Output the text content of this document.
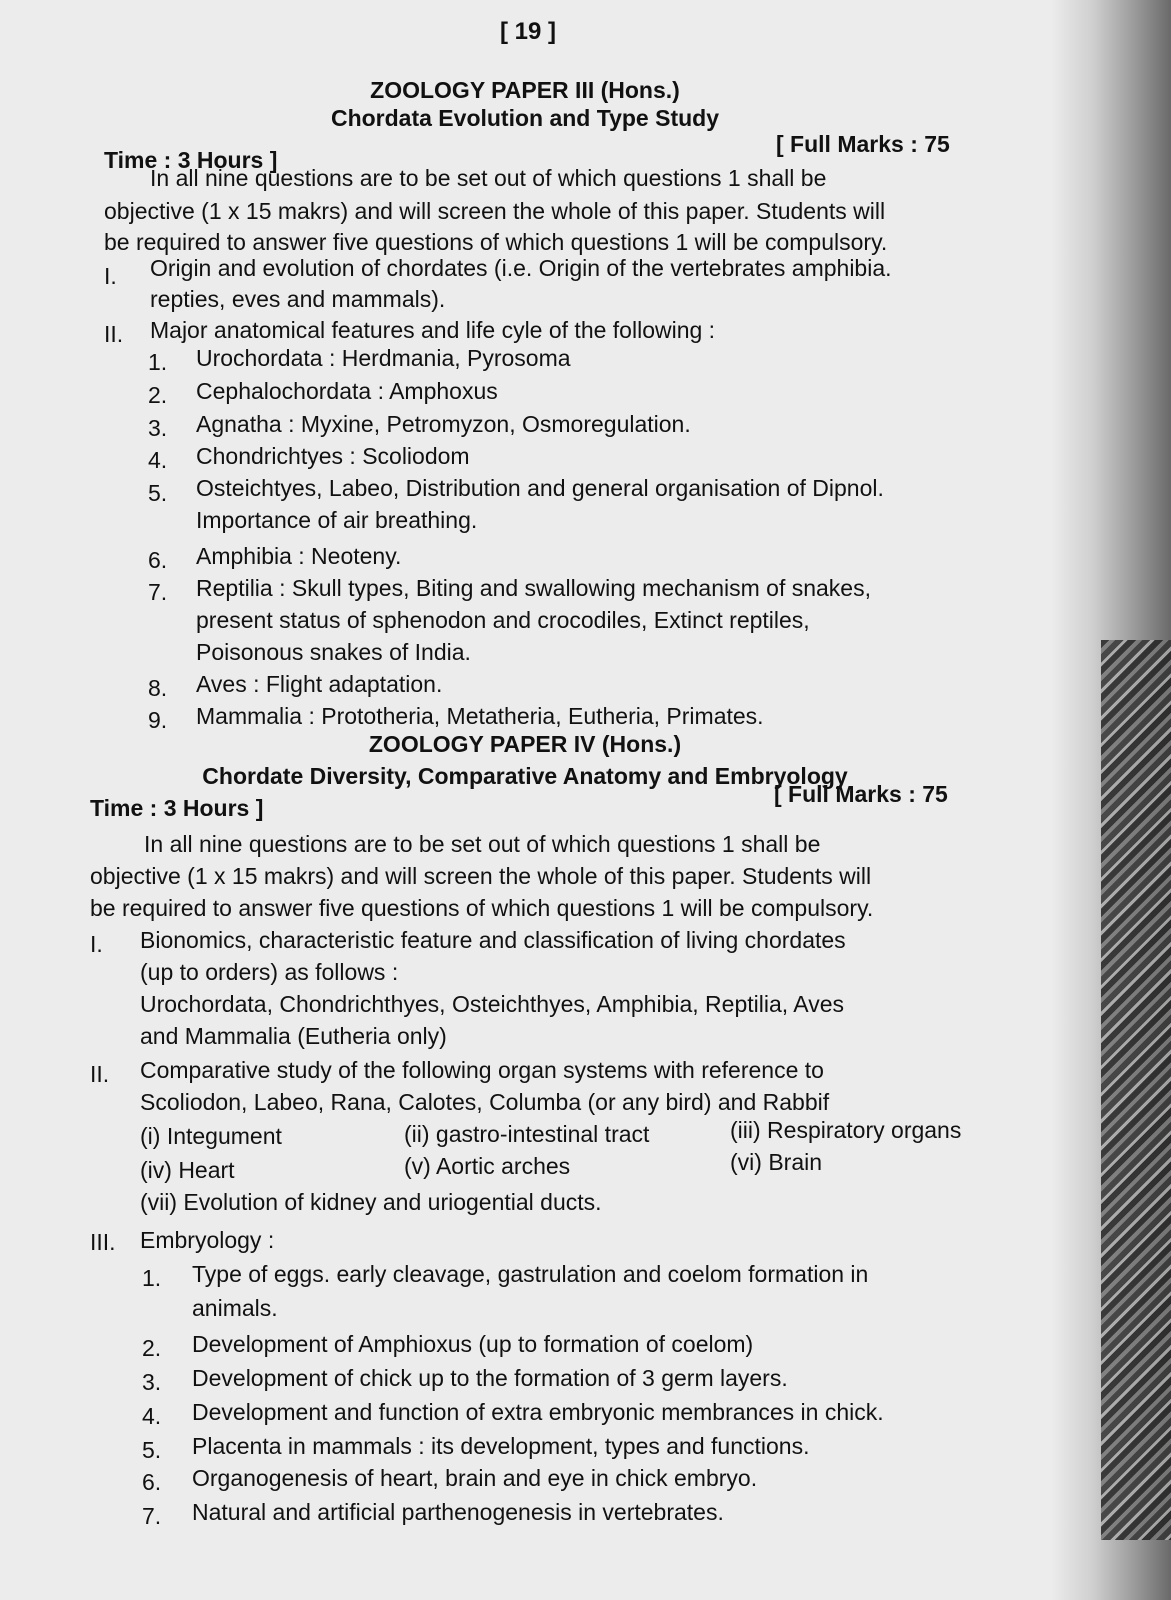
[ 19 ]
ZOOLOGY PAPER III (Hons.)
Chordata Evolution and Type Study
Time : 3 Hours ]
[ Full Marks : 75
In all nine questions are to be set out of which questions 1 shall be
objective (1 x 15 makrs) and will screen the whole of this paper. Students will
be required to answer five questions of which questions 1 will be compulsory.
I. Origin and evolution of chordates (i.e. Origin of the vertebrates amphibia.
repties, eves and mammals).
II. Major anatomical features and life cyle of the following :
1. Urochordata : Herdmania, Pyrosoma
2. Cephalochordata : Amphoxus
3. Agnatha : Myxine, Petromyzon, Osmoregulation.
4. Chondrichtyes : Scoliodom
5. Osteichtyes, Labeo, Distribution and general organisation of Dipnol.
Importance of air breathing.
6. Amphibia : Neoteny.
7. Reptilia : Skull types, Biting and swallowing mechanism of snakes,
present status of sphenodon and crocodiles, Extinct reptiles,
Poisonous snakes of India.
8. Aves : Flight adaptation.
9. Mammalia : Prototheria, Metatheria, Eutheria, Primates.
ZOOLOGY PAPER IV (Hons.)
Chordate Diversity, Comparative Anatomy and Embryology
Time : 3 Hours ]
[ Full Marks : 75
In all nine questions are to be set out of which questions 1 shall be
objective (1 x 15 makrs) and will screen the whole of this paper. Students will
be required to answer five questions of which questions 1 will be compulsory.
I. Bionomics, characteristic feature and classification of living chordates
(up to orders) as follows :
Urochordata, Chondrichthyes, Osteichthyes, Amphibia, Reptilia, Aves
and Mammalia (Eutheria only)
II. Comparative study of the following organ systems with reference to
Scoliodon, Labeo, Rana, Calotes, Columba (or any bird) and Rabbif
(i) Integument	(ii) gastro-intestinal tract	(iii) Respiratory organs
(iv) Heart	(v) Aortic arches	(vi) Brain
(vii) Evolution of kidney and uriogential ducts.
III. Embryology :
1. Type of eggs. early cleavage, gastrulation and coelom formation in
animals.
2. Development of Amphioxus (up to formation of coelom)
3. Development of chick up to the formation of 3 germ layers.
4. Development and function of extra embryonic membrances in chick.
5. Placenta in mammals : its development, types and functions.
6. Organogenesis of heart, brain and eye in chick embryo.
7. Natural and artificial parthenogenesis in vertebrates.
